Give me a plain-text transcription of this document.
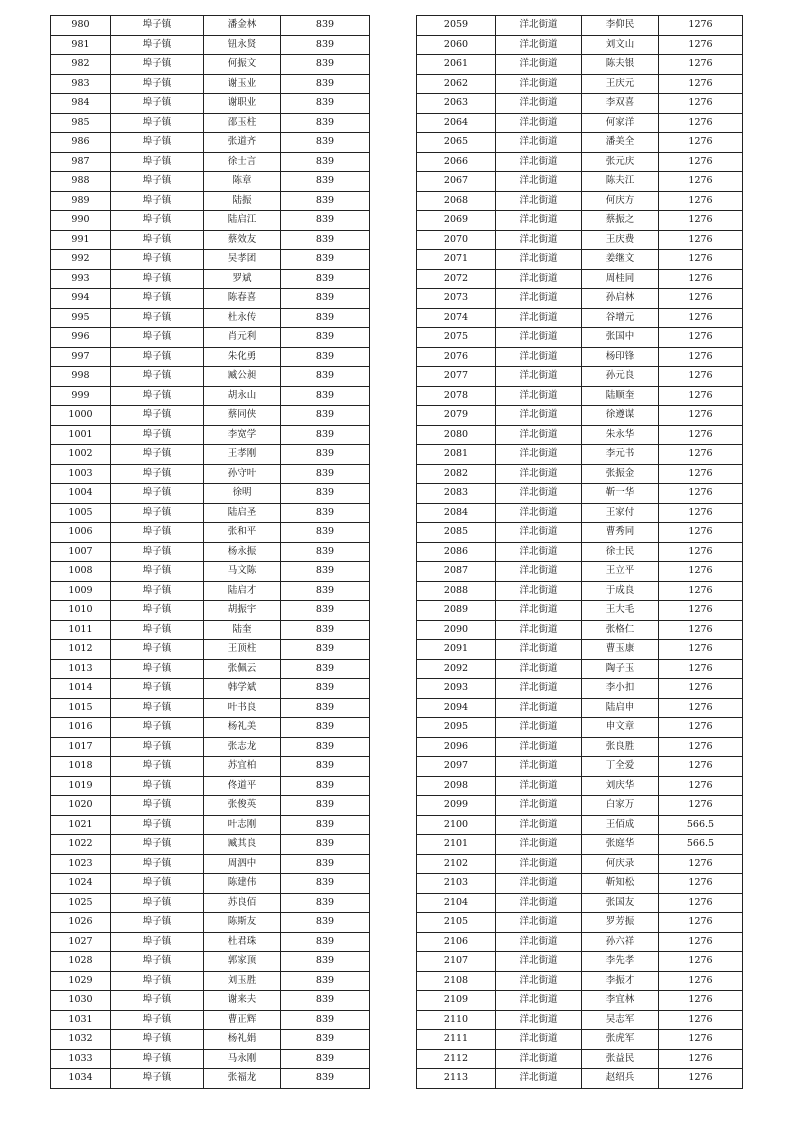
980	埠子镇	潘金林	839
981	埠子镇	钮永贤	839
982	埠子镇	何振文	839
983	埠子镇	谢玉业	839
984	埠子镇	谢职业	839
985	埠子镇	邵玉柱	839
986	埠子镇	张道齐	839
987	埠子镇	徐士言	839
988	埠子镇	陈章	839
989	埠子镇	陆振	839
990	埠子镇	陆启江	839
991	埠子镇	蔡效友	839
992	埠子镇	吴孝团	839
993	埠子镇	罗斌	839
994	埠子镇	陈春喜	839
995	埠子镇	杜永传	839
996	埠子镇	肖元利	839
997	埠子镇	朱化勇	839
998	埠子镇	臧公昶	839
999	埠子镇	胡永山	839
1000	埠子镇	蔡同侠	839
1001	埠子镇	李宽学	839
1002	埠子镇	王孝刚	839
1003	埠子镇	孙守叶	839
1004	埠子镇	徐明	839
1005	埠子镇	陆启圣	839
1006	埠子镇	张和平	839
1007	埠子镇	杨永振	839
1008	埠子镇	马文陈	839
1009	埠子镇	陆启才	839
1010	埠子镇	胡振宇	839
1011	埠子镇	陆奎	839
1012	埠子镇	王顶柱	839
1013	埠子镇	张佩云	839
1014	埠子镇	韩学斌	839
1015	埠子镇	叶书良	839
1016	埠子镇	杨礼美	839
1017	埠子镇	张志龙	839
1018	埠子镇	苏宜柏	839
1019	埠子镇	佟道平	839
1020	埠子镇	张俊英	839
1021	埠子镇	叶志刚	839
1022	埠子镇	臧其良	839
1023	埠子镇	周泗中	839
1024	埠子镇	陈建伟	839
1025	埠子镇	苏良佰	839
1026	埠子镇	陈斯友	839
1027	埠子镇	杜君珠	839
1028	埠子镇	郭家顶	839
1029	埠子镇	刘玉胜	839
1030	埠子镇	谢来夫	839
1031	埠子镇	曹正辉	839
1032	埠子镇	杨礼娟	839
1033	埠子镇	马永刚	839
1034	埠子镇	张福龙	839
2059	洋北街道	李仰民	1276
2060	洋北街道	刘文山	1276
2061	洋北街道	陈夫银	1276
2062	洋北街道	王庆元	1276
2063	洋北街道	李双喜	1276
2064	洋北街道	何家洋	1276
2065	洋北街道	潘美全	1276
2066	洋北街道	张元庆	1276
2067	洋北街道	陈夫江	1276
2068	洋北街道	何庆方	1276
2069	洋北街道	蔡振之	1276
2070	洋北街道	王庆费	1276
2071	洋北街道	姜继文	1276
2072	洋北街道	周桂同	1276
2073	洋北街道	孙启林	1276
2074	洋北街道	谷增元	1276
2075	洋北街道	张国中	1276
2076	洋北街道	杨印锋	1276
2077	洋北街道	孙元良	1276
2078	洋北街道	陆顺奎	1276
2079	洋北街道	徐遵谋	1276
2080	洋北街道	朱永华	1276
2081	洋北街道	李元书	1276
2082	洋北街道	张振金	1276
2083	洋北街道	靳一华	1276
2084	洋北街道	王家付	1276
2085	洋北街道	曹秀同	1276
2086	洋北街道	徐士民	1276
2087	洋北街道	王立平	1276
2088	洋北街道	于成良	1276
2089	洋北街道	王大毛	1276
2090	洋北街道	张格仁	1276
2091	洋北街道	曹玉康	1276
2092	洋北街道	陶子玉	1276
2093	洋北街道	李小扣	1276
2094	洋北街道	陆启申	1276
2095	洋北街道	申文章	1276
2096	洋北街道	张良胜	1276
2097	洋北街道	丁全爱	1276
2098	洋北街道	刘庆华	1276
2099	洋北街道	白家万	1276
2100	洋北街道	王佰成	566.5
2101	洋北街道	张庭华	566.5
2102	洋北街道	何庆录	1276
2103	洋北街道	靳知松	1276
2104	洋北街道	张国友	1276
2105	洋北街道	罗芳振	1276
2106	洋北街道	孙六祥	1276
2107	洋北街道	李先孝	1276
2108	洋北街道	李振才	1276
2109	洋北街道	李宜林	1276
2110	洋北街道	吴志军	1276
2111	洋北街道	张虎军	1276
2112	洋北街道	张益民	1276
2113	洋北街道	赵绍兵	1276
